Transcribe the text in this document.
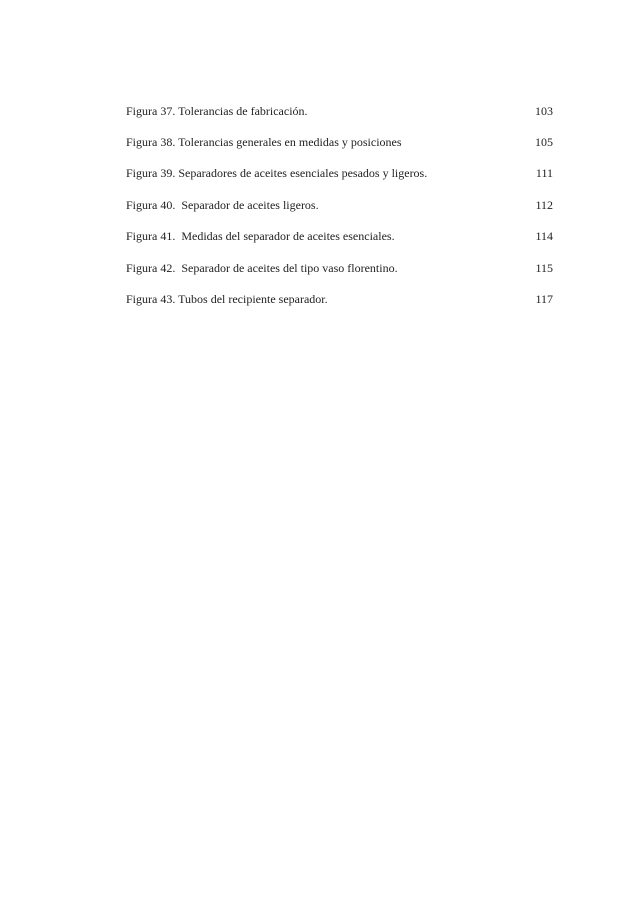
Figura 37. Tolerancias de fabricación.	103
Figura 38. Tolerancias generales en medidas y posiciones	105
Figura 39. Separadores de aceites esenciales pesados y ligeros.	111
Figura 40.  Separador de aceites ligeros.	112
Figura 41.  Medidas del separador de aceites esenciales.	114
Figura 42.  Separador de aceites del tipo vaso florentino.	115
Figura 43. Tubos del recipiente separador.	117
